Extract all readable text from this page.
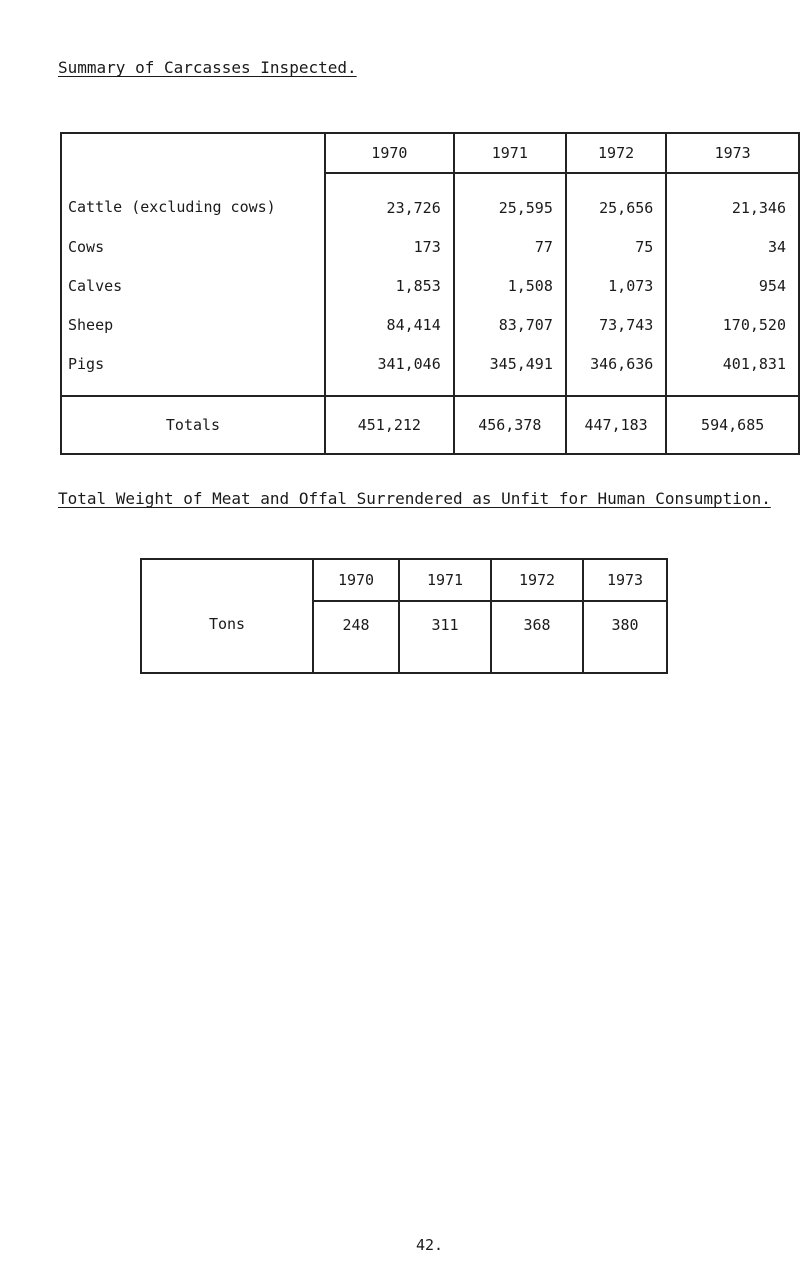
Summary of Carcasses Inspected.
	1970	1971	1972	1973
Cattle (excluding cows)	23,726	25,595	25,656	21,346
Cows	173	77	75	34
Calves	1,853	1,508	1,073	954
Sheep	84,414	83,707	73,743	170,520
Pigs	341,046	345,491	346,636	401,831
Totals	451,212	456,378	447,183	594,685
Total Weight of Meat and Offal Surrendered as Unfit for Human Consumption.
	1970	1971	1972	1973
Tons	248	311	368	380
42.
